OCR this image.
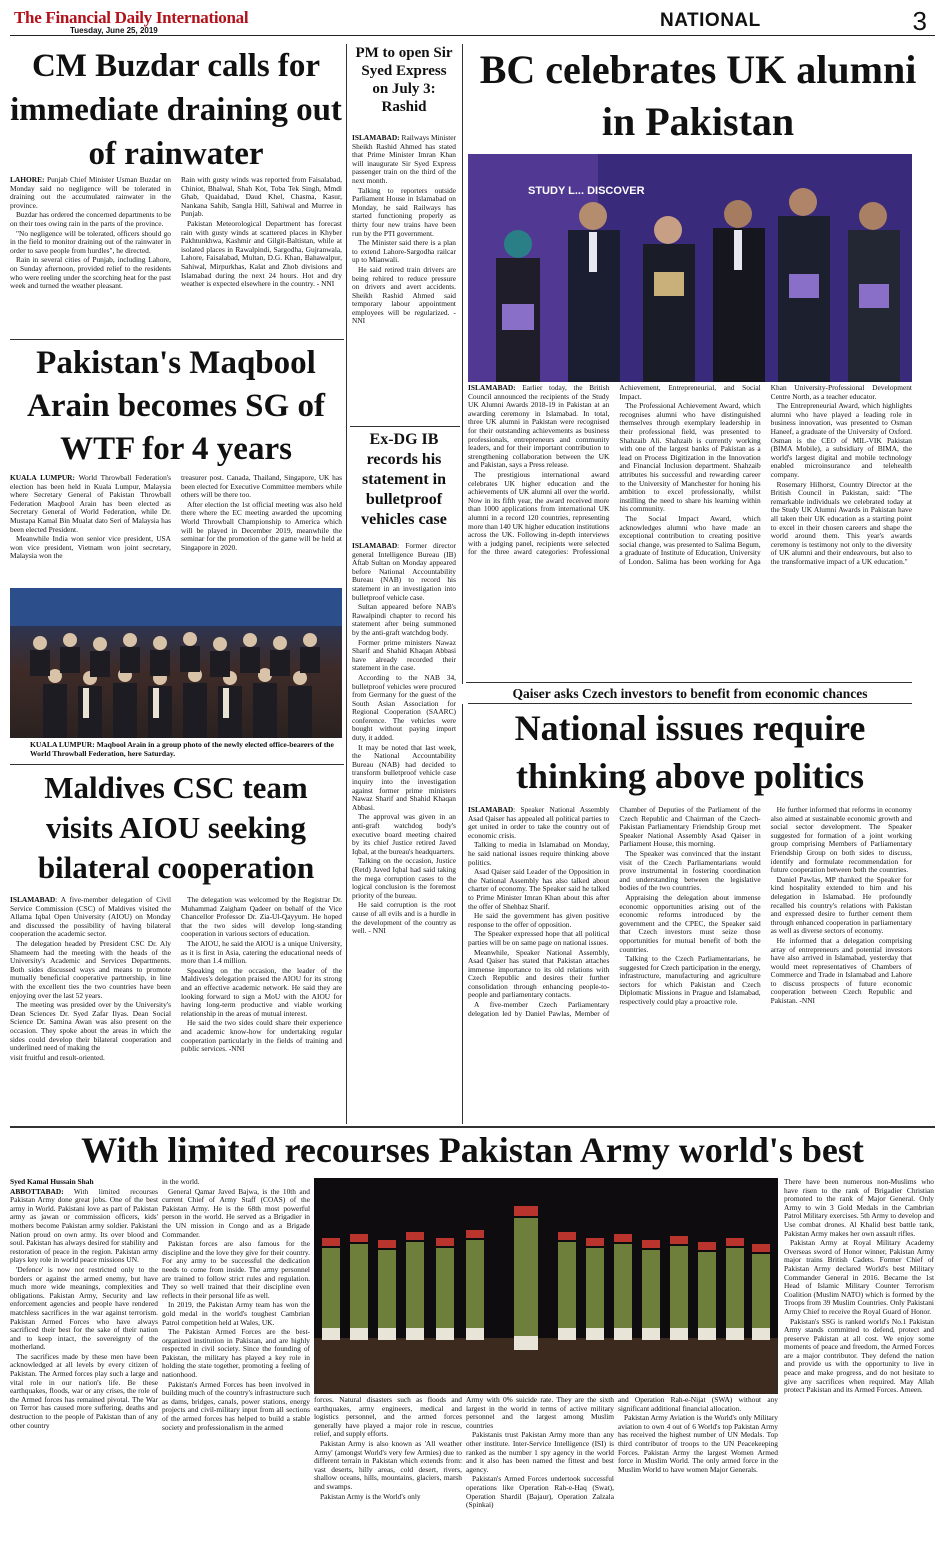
The Financial Daily International
Tuesday, June 25, 2019	NATIONAL	3
CM Buzdar calls for immediate draining out of rainwater

LAHORE: Punjab Chief Minister Usman Buzdar on Monday said no negligence will be tolerated in draining out the accumulated rainwater in the province.

Buzdar has ordered the concerned departments to be on their toes owing rain in the parts of the province.

"No negligence will be tolerated, officers should go in the field to monitor draining out of the rainwater in order to save people from hurdles", he directed.

Rain in several cities of Punjab, including Lahore, on Sunday afternoon, provided relief to the residents who were reeling under the scorching heat for the past week and turned the weather pleasant.

Rain with gusty winds was reported from Faisalabad, Chiniot, Bhalwal, Shah Kot, Toba Tek Singh, Mmdi Ghab, Quaidabad, Daud Khel, Chasma, Kasur, Nankana Sahib, Sangla Hill, Sahiwal and Murree in Punjab.

Pakistan Meteorological Department has forecast rain with gusty winds at scattered places in Khyber Pakhtunkhwa, Kashmir and Gilgit-Baltistan, while at isolated places in Rawalpindi, Sargodha, Gujranwala, Lahore, Faisalabad, Multan, D.G. Khan, Bahawalpur, Sahiwal, Mirpurkhas, Kalat and Zhob divisions and Islamabad during the next 24 hours. Hot and dry weather is expected elsewhere in the country. - NNI

Pakistan's Maqbool Arain becomes SG of WTF for 4 years

KUALA LUMPUR: World Throwball Federation's election has been held in Kuala Lumpur, Malaysia where Secretary General of Pakistan Throwball Federation Maqbool Arain has been elected as Secretary General of World Federation, while Dr. Mustapa Kamal Bin Mualat dato Seri of Malaysia has been elected President.

Meanwhile India won senior vice president, USA won vice president, Vietnam won joint secretary, Malaysia won the

treasurer post. Canada, Thailand, Singapore, UK has been elected for Executive Committee members while others will be there too.

After election the 1st official meeting was also held there where the EC meeting awarded the upcoming World Throwball Championship to America which will be played in December 2019, meanwhile the seminar for the promotion of the game will be held at Singapore in 2020.

KUALA LUMPUR: Maqbool Arain in a group photo of the newly elected office-bearers of the World Throwball Federation, here Saturday.
Maldives CSC team visits AIOU seeking bilateral cooperation

ISLAMABAD: A five-member delegation of Civil Service Commission (CSC) of Maldives visited the Allama Iqbal Open University (AIOU) on Monday and discussed the possibility of having bilateral cooperation the academic sector.

The delegation headed by President CSC Dr. Aly Shameem had the meeting with the heads of the University's Academic and Services Departments. Both sides discussed ways and means to promote mutually beneficial cooperative partnership, in line with the excellent ties the two countries have been enjoying over the last 52 years.

The meeting was presided over by the University's Dean Sciences Dr. Syed Zafar Ilyas. Dean Social Science Dr. Samina Awan was also present on the occasion. They spoke about the areas in which the sides could develop their bilateral cooperation and underlined need of making the

visit fruitful and result-oriented.

The delegation was welcomed by the Registrar Dr. Muhammad Zaigham Qadeer on behalf of the Vice Chancellor Professor Dr. Zia-Ul-Qayyum. He hoped that the two sides will develop long-standing cooperation in various sectors of education.

The AIOU, he said the AIOU is a unique University, as it is first in Asia, catering the educational needs of more than 1.4 million.

Speaking on the occasion, the leader of the Maldives's delegation praised the AIOU for its strong and an effective academic network. He said they are looking forward to sign a MoU with the AIOU for having long-term productive and viable working relationship in the areas of mutual interest.

He said the two sides could share their experience and academic know-how for undertaking regular cooperation particularly in the fields of training and public services. -NNI

PM to open Sir Syed Express on July 3: Rashid

ISLAMABAD: Railways Minister Sheikh Rashid Ahmed has stated that Prime Minister Imran Khan will inaugurate Sir Syed Express passenger train on the third of the next month.

Talking to reporters outside Parliament House in Islamabad on Monday, he said Railways has started functioning properly as thirty four new trains have been run by the PTI government.

The Minister said there is a plan to extend Lahore-Sargodha railcar up to Mianwali.

He said retired train drivers are being rehired to reduce pressure on drivers and avert accidents. Sheikh Rashid Ahmed said temporary labour appointment employees will be regularized. - NNI

Ex-DG IB records his statement in bulletproof vehicles case

ISLAMABAD: Former director general Intelligence Bureau (IB) Aftab Sultan on Monday appeared before National Accountability Bureau (NAB) to record his statement in an investigation into bulletproof vehicle case.

Sultan appeared before NAB's Rawalpindi chapter to record his statement after being summoned by the anti-graft watchdog body.

Former prime ministers Nawaz Sharif and Shahid Khaqan Abbasi have already recorded their statement in the case.

According to the NAB 34, bulletproof vehicles were procured from Germany for the guest of the South Asian Association for Regional Cooperation (SAARC) conference. The vehicles were bought without paying import duty, it added.

It may be noted that last week, the National Accountability Bureau (NAB) had decided to transform bulletproof vehicle case inquiry into the investigation against former prime ministers Nawaz Sharif and Shahid Khaqan Abbasi.

The approval was given in an anti-graft watchdog body's executive board meeting chaired by its chief Justice retired Javed Iqbal, at the bureau's headquarters.

Talking on the occasion, Justice (Retd) Javed Iqbal had said taking the mega corruption cases to the logical conclusion is the foremost priority of the bureau.

He said corruption is the root cause of all evils and is a hurdle in the development of the country as well. - NNI

BC celebrates UK alumni in Pakistan
STUDY L... DISCOVER

ISLAMABAD: Earlier today, the British Council announced the recipients of the Study UK Alumni Awards 2018-19 in Pakistan at an awarding ceremony in Islamabad. In total, three UK alumni in Pakistan were recognised for their outstanding achievements as business professionals, entrepreneurs and community leaders, and for their important contribution to strengthening collaboration between the UK and Pakistan, says a Press release.

The prestigious international award celebrates UK higher education and the achievements of UK alumni all over the world. Now in its fifth year, the award received more than 1000 applications from international UK alumni in a record 120 countries, representing more than 140 UK higher education institutions across the UK. Following in-depth interviews with a judging panel, recipients were selected for the three award categories: Professional Achievement, Entrepreneurial, and Social Impact.

The Professional Achievement Award, which recognises alumni who have distinguished themselves through exemplary leadership in their professional field, was presented to Shahzaib Ali. Shahzaib is currently working with one of the largest banks of Pakistan as a lead on Process Digitization in the Innovation and Financial Inclusion department. Shahzaib attributes his successful and rewarding career to the University of Manchester for honing his ambition to excel professionally, whilst instilling the need to share his learning within his community.

The Social Impact Award, which acknowledges alumni who have made an exceptional contribution to creating positive social change, was presented to Salima Begum, a graduate of Institute of Education, University of London. Salima has been working for Aga Khan University-Professional Development Centre North, as a teacher educator.

The Entrepreneurial Award, which highlights alumni who have played a leading role in business innovation, was presented to Osman Haneef, a graduate of the University of Oxford. Osman is the CEO of MIL-VIK Pakistan (BIMA Mobile), a subsidiary of BIMA, the world's largest digital and mobile technology enabled microinsurance and telehealth company.

Rosemary Hilhorst, Country Director at the British Council in Pakistan, said: "The remarkable individuals we celebrated today at the Study UK Alumni Awards in Pakistan have all taken their UK education as a starting point to excel in their chosen careers and shape the world around them. This year's awards ceremony is testimony not only to the diversity of UK alumni and their endeavours, but also to the transformative impact of a UK education."

Qaiser asks Czech investors to benefit from economic chances
National issues require thinking above politics

ISLAMABAD: Speaker National Assembly Asad Qaiser has appealed all political parties to get united in order to take the country out of economic crisis.

Talking to media in Islamabad on Monday, he said national issues require thinking above politics.

Asad Qaiser said Leader of the Opposition in the National Assembly has also talked about charter of economy. The Speaker said he talked to Prime Minister Imran Khan about this after the offer of Shehbaz Sharif.

He said the government has given positive response to the offer of opposition.

The Speaker expressed hope that all political parties will be on same page on national issues.

Meanwhile, Speaker National Assembly, Asad Qaiser has stated that Pakistan attaches immense importance to its old relations with Czech Republic and desires their further consolidation through enhancing people-to-people and parliamentary contacts.

A five-member Czech Parliamentary delegation led by Daniel Pawlas, Member of Chamber of Deputies of the Parliament of the Czech Republic and Chairman of the Czech-Pakistan Parliamentary Friendship Group met Speaker National Assembly Asad Qaiser in Parliament House, this morning.

The Speaker was convinced that the instant visit of the Czech Parliamentarians would prove instrumental in fostering coordination and understanding between the legislative bodies of the two countries.

Appraising the delegation about immense economic opportunities arising out of the economic reforms introduced by the government and the CPEC, the Speaker said that Czech investors must seize those opportunities for mutual benefit of both the countries.

Talking to the Czech Parliamentarians, he suggested for Czech participation in the energy, infrastructure, manufacturing and agriculture sectors for which Pakistan and Czech Diplomatic Missions in Prague and Islamabad, respectively could play a proactive role.

He further informed that reforms in economy also aimed at sustainable economic growth and social sector development. The Speaker suggested for formation of a joint working group comprising Members of Parliamentary Friendship Group on both sides to discuss, identify and formulate recommendation for future cooperation between both the countries.

Daniel Pawlas, MP thanked the Speaker for kind hospitality extended to him and his delegation in Islamabad. He profoundly recalled his country's relations with Pakistan and expressed desire to further cement them through enhanced cooperation in parliamentary as well as diverse sectors of economy.

He informed that a delegation comprising array of entrepreneurs and potential investors have also arrived in Islamabad, yesterday that would meet representatives of Chambers of Commerce and Trade in Islamabad and Lahore to discuss prospects of future economic cooperation between Czech Republic and Pakistan. -NNI

With limited recourses Pakistan Army world's best

Syed Kamal Hussain Shah

ABBOTTABAD: With limited recourses Pakistan Army done great jobs. One of the best army in World. Pakistani love as part of Pakistan army as jawan or commission officers, kids' mothers become Pakistan army soldier. Pakistani Nation proud on own army. Its over blood and soul. Pakistan has always desired for stability and restoration of peace in the region. Pakistan army plays key role in world peace missions UN.

'Defence' is now not restricted only to the borders or against the armed enemy, but have much more wide meanings, complexities and obligations. Pakistan Army, Security and law enforcement agencies and people have rendered matchless sacrifices in the war against terrorism. Pakistan Armed Forces who have always sacrificed their best for the sake of their nation and to keep intact, the sovereignty of the motherland.

The sacrifices made by these men have been acknowledged at all levels by every citizen of Pakistan. The Armed forces play such a large and vital role in our nation's life. Be these earthquakes, floods, war or any crises, the role of the Armed forces has remained pivotal. The War on Terror has caused more suffering, deaths and destruction to the people of Pakistan than of any other country

in the world.

General Qamar Javed Bajwa, is the 10th and current Chief of Army Staff (COAS) of the Pakistan Army. He is the 68th most powerful person in the world. He served as a Brigadier in the UN mission in Congo and as a Brigade Commander.

Pakistan forces are also famous for the discipline and the love they give for their country. For any army to be successful the dedication needs to come from inside. The army personnel are trained to follow strict rules and regulation. They so well trained that their discipline even reflects in their personal life as well.

In 2019, the Pakistan Army team has won the gold medal in the world's toughest Cambrian Patrol competition held at Wales, UK.

The Pakistan Armed Forces are the best-organized institution in Pakistan, and are highly respected in civil society. Since the founding of Pakistan, the military has played a key role in holding the state together, promoting a feeling of nationhood.

Pakistan's Armed Forces has been involved in building much of the country's infrastructure such as dams, bridges, canals, power stations, energy projects and civil-military input from all sections of the armed forces has helped to build a stable society and professionalism in the armed

forces. Natural disasters such as floods and earthquakes, army engineers, medical and logistics personnel, and the armed forces generally have played a major role in rescue, relief, and supply efforts.

Pakistan Army is also known as 'All weather Army' (amongst World's very few Armies) due to different terrain in Pakistan which extends from: vast deserts, hilly areas, cold desert, rivers, shallow oceans, hills, mountains, glaciers, marsh and swamps.

Pakistan Army is the World's only

Army with 0% suicide rate. They are the sixth largest in the world in terms of active military personnel and the largest among Muslim countries

Pakistanis trust Pakistan Army more than any other institute. Inter-Service Intelligence (ISI) is ranked as the number 1 spy agency in the world and it also has been named the fittest and best agency.

Pakistan's Armed Forces undertook successful operations like Operation Rah-e-Haq (Swat), Operation Shardil (Bajaur), Operation Zalzala (Spinkai)

and Operation Rah-e-Nijat (SWA) without any significant additional financial allocation.

Pakistan Army Aviation is the World's only Military aviation to own 4 out of 6 World's top Pakistan Army has received the highest number of UN Medals. Top third contributor of troops to the UN Peacekeeping Forces. Pakistan Army the largest Women Armed force in Muslim World. The only armed force in the Muslim World to have women Major Generals.

There have been numerous non-Muslims who have risen to the rank of Brigadier Christian promoted to the rank of Major General. Only Army to win 3 Gold Medals in the Cambrian Patrol Military exercises. 5th Army to develop and Use combat drones. Al Khalid best battle tank, Pakistan Army makes her own assault rifles.

Pakistan Army at Royal Military Academy Overseas sword of Honor winner, Pakistan Army major trains British Cadets. Former Chief of Pakistan Army declared World's best Military Commander General in 2016. Became the 1st Head of Islamic Military Counter Terrorism Coalition (Muslim NATO) which is formed by the Troops from 39 Muslim Countries. Only Pakistani Army Chief to receive the Royal Guard of Honor.

Pakistan's SSG is ranked world's No.1 Pakistan Army stands committed to defend, protect and preserve Pakistan at all cost. We enjoy some moments of peace and freedom, the Armed Forces are a major contributor. They defend the nation and provide us with the opportunity to live in peace and make progress, and do not hesitate to give any sacrifices when required. May Allah protect Pakistan and its Armed Forces. Ameen.
